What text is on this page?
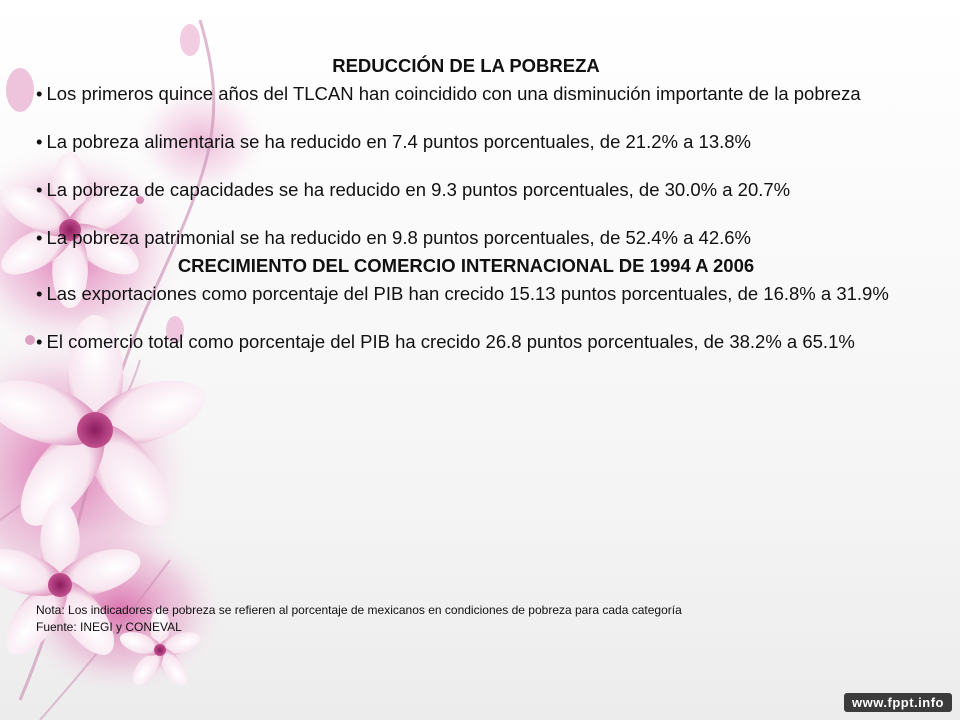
REDUCCIÓN DE LA POBREZA

• Los primeros quince años del TLCAN han coincidido con una disminución importante de la pobreza

• La pobreza alimentaria se ha reducido en 7.4 puntos porcentuales, de 21.2% a 13.8%

• La pobreza de capacidades se ha reducido en 9.3 puntos porcentuales, de 30.0% a 20.7%

• La pobreza patrimonial se ha reducido en 9.8 puntos porcentuales, de 52.4% a 42.6%

CRECIMIENTO DEL COMERCIO INTERNACIONAL DE 1994 A 2006

• Las exportaciones como porcentaje del PIB han crecido 15.13 puntos porcentuales, de 16.8% a 31.9%

• El comercio total como porcentaje del PIB ha crecido 26.8 puntos porcentuales, de 38.2% a 65.1%

Nota: Los indicadores de pobreza se refieren al porcentaje de mexicanos en condiciones de pobreza para cada categoría

Fuente: INEGI y CONEVAL

www.fppt.info
